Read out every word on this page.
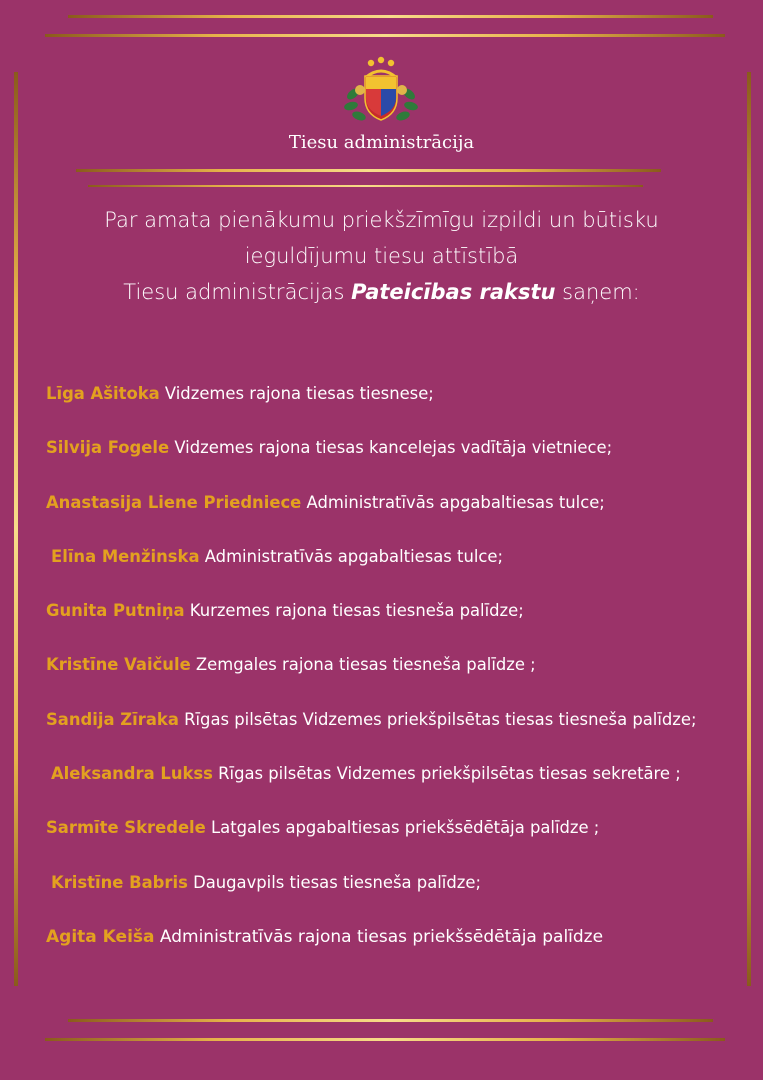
Tiesu administrācija
Par amata pienākumu priekšzīmīgu izpildi un būtisku
ieguldījumu tiesu attīstībā
Tiesu administrācijas Pateicības rakstu saņem:
Līga Ašitoka Vidzemes rajona tiesas tiesnese;
Silvija Fogele Vidzemes rajona tiesas kancelejas vadītāja vietniece;
Anastasija Liene Priedniece Administratīvās apgabaltiesas tulce;
Elīna Menžinska Administratīvās apgabaltiesas tulce;
Gunita Putniņa Kurzemes rajona tiesas tiesneša palīdze;
Kristīne Vaičule Zemgales rajona tiesas tiesneša palīdze ;
Sandija Zīraka Rīgas pilsētas Vidzemes priekšpilsētas tiesas tiesneša palīdze;
Aleksandra Lukss Rīgas pilsētas Vidzemes priekšpilsētas tiesas sekretāre ;
Sarmīte Skredele Latgales apgabaltiesas priekšsēdētāja palīdze ;
Kristīne Babris Daugavpils tiesas tiesneša palīdze;
Agita Keiša Administratīvās rajona tiesas priekšsēdētāja palīdze
